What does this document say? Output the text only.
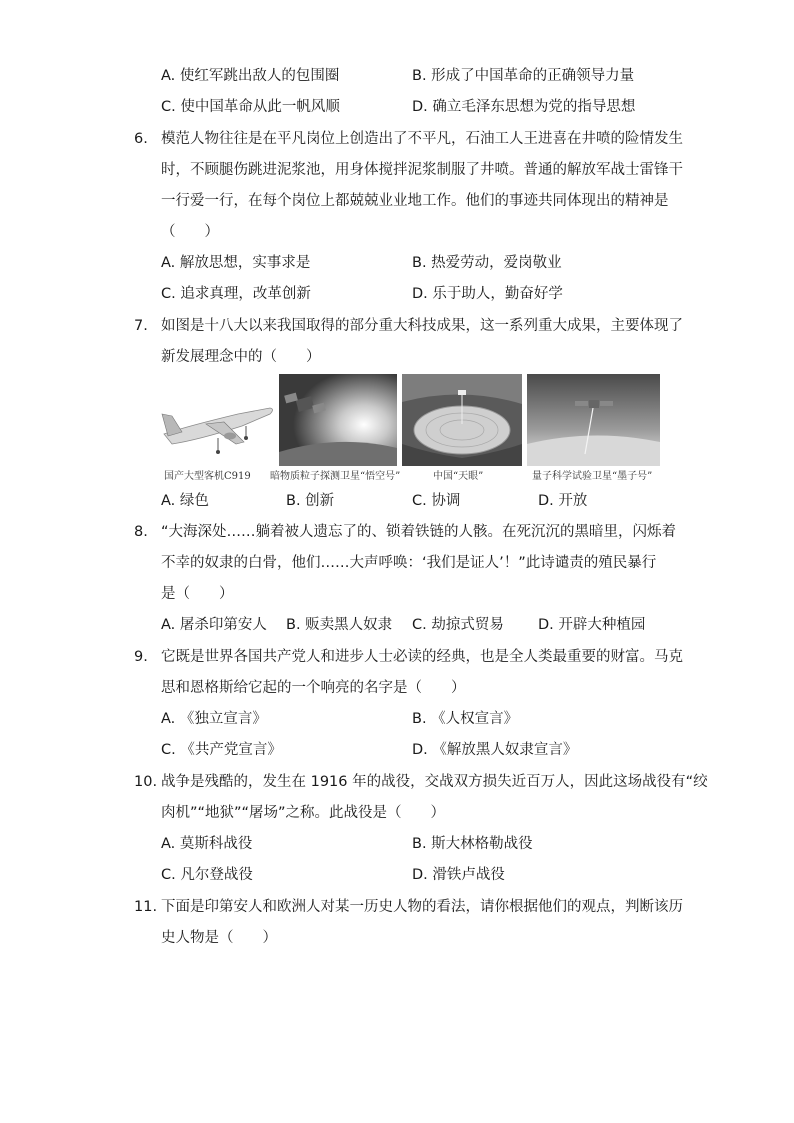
A. 使红军跳出敌人的包围圈	B. 形成了中国革命的正确领导力量
C. 使中国革命从此一帆风顺	D. 确立毛泽东思想为党的指导思想
6. 模范人物往往是在平凡岗位上创造出了不平凡，石油工人王进喜在井喷的险情发生
时，不顾腿伤跳进泥浆池，用身体搅拌泥浆制服了井喷。普通的解放军战士雷锋干
一行爱一行，在每个岗位上都兢兢业业地工作。他们的事迹共同体现出的精神是
（　　）
A. 解放思想，实事求是	B. 热爱劳动，爱岗敬业
C. 追求真理，改革创新	D. 乐于助人，勤奋好学
7. 如图是十八大以来我国取得的部分重大科技成果，这一系列重大成果，主要体现了
新发展理念中的（　　）
国产大型客机C919 暗物质粒子探测卫星“悟空号”	中国“天眼”	量子科学试验卫星“墨子号”
A. 绿色	B. 创新	C. 协调	D. 开放
8. “大海深处……躺着被人遗忘了的、锁着铁链的人骸。在死沉沉的黑暗里，闪烁着
不幸的奴隶的白骨，他们……大声呼唤：‘我们是证人’！”此诗谴责的殖民暴行
是（　　）
A. 屠杀印第安人 B. 贩卖黑人奴隶 C. 劫掠式贸易 D. 开辟大种植园
9. 它既是世界各国共产党人和进步人士必读的经典，也是全人类最重要的财富。马克
思和恩格斯给它起的一个响亮的名字是（　　）
A. 《独立宣言》	B. 《人权宣言》
C. 《共产党宣言》	D. 《解放黑人奴隶宣言》
10. 战争是残酷的，发生在 1916 年的战役，交战双方损失近百万人，因此这场战役有“绞
肉机”“地狱”“屠场”之称。此战役是（　　）
A. 莫斯科战役	B. 斯大林格勒战役
C. 凡尔登战役	D. 滑铁卢战役
11. 下面是印第安人和欧洲人对某一历史人物的看法，请你根据他们的观点，判断该历
史人物是（　　）
